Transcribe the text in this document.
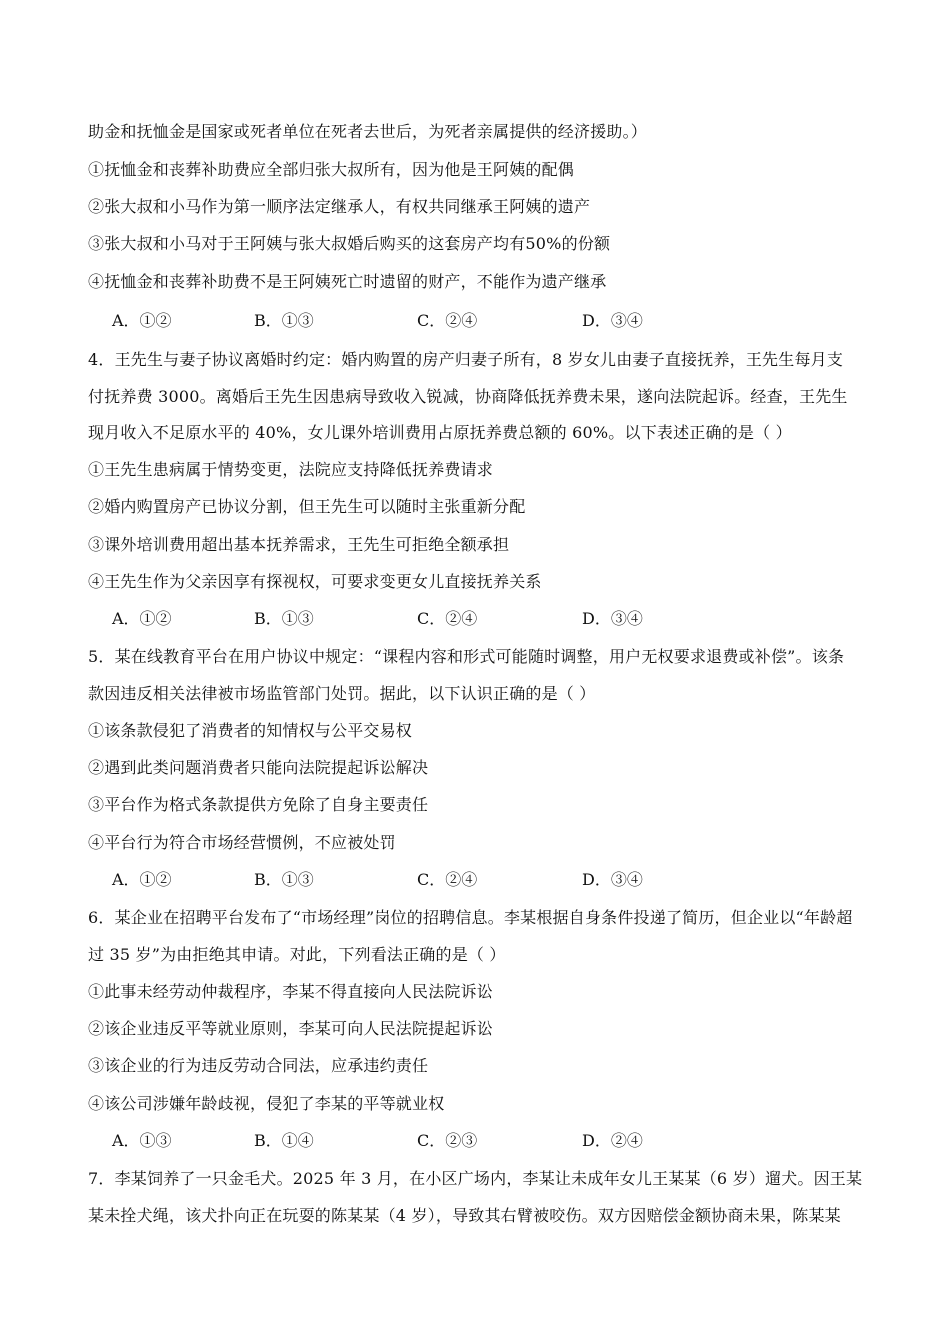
助金和抚恤金是国家或死者单位在死者去世后，为死者亲属提供的经济援助。）
①抚恤金和丧葬补助费应全部归张大叔所有，因为他是王阿姨的配偶
②张大叔和小马作为第一顺序法定继承人，有权共同继承王阿姨的遗产
③张大叔和小马对于王阿姨与张大叔婚后购买的这套房产均有50%的份额
④抚恤金和丧葬补助费不是王阿姨死亡时遗留的财产，不能作为遗产继承
A．①②	B．①③	C．②④	D．③④
4．王先生与妻子协议离婚时约定：婚内购置的房产归妻子所有，8 岁女儿由妻子直接抚养，王先生每月支
付抚养费 3000。离婚后王先生因患病导致收入锐减，协商降低抚养费未果，遂向法院起诉。经查，王先生
现月收入不足原水平的 40%，女儿课外培训费用占原抚养费总额的 60%。以下表述正确的是（ ）
①王先生患病属于情势变更，法院应支持降低抚养费请求
②婚内购置房产已协议分割，但王先生可以随时主张重新分配
③课外培训费用超出基本抚养需求，王先生可拒绝全额承担
④王先生作为父亲因享有探视权，可要求变更女儿直接抚养关系
A．①②	B．①③	C．②④	D．③④
5．某在线教育平台在用户协议中规定：“课程内容和形式可能随时调整，用户无权要求退费或补偿”。该条
款因违反相关法律被市场监管部门处罚。据此，以下认识正确的是（ ）
①该条款侵犯了消费者的知情权与公平交易权
②遇到此类问题消费者只能向法院提起诉讼解决
③平台作为格式条款提供方免除了自身主要责任
④平台行为符合市场经营惯例，不应被处罚
A．①②	B．①③	C．②④	D．③④
6．某企业在招聘平台发布了“市场经理”岗位的招聘信息。李某根据自身条件投递了简历，但企业以“年龄超
过 35 岁”为由拒绝其申请。对此，下列看法正确的是（ ）
①此事未经劳动仲裁程序，李某不得直接向人民法院诉讼
②该企业违反平等就业原则，李某可向人民法院提起诉讼
③该企业的行为违反劳动合同法，应承违约责任
④该公司涉嫌年龄歧视，侵犯了李某的平等就业权
A．①③	B．①④	C．②③	D．②④
7．李某饲养了一只金毛犬。2025 年 3 月，在小区广场内，李某让未成年女儿王某某（6 岁）遛犬。因王某
某未拴犬绳，该犬扑向正在玩耍的陈某某（4 岁），导致其右臂被咬伤。双方因赔偿金额协商未果，陈某某
